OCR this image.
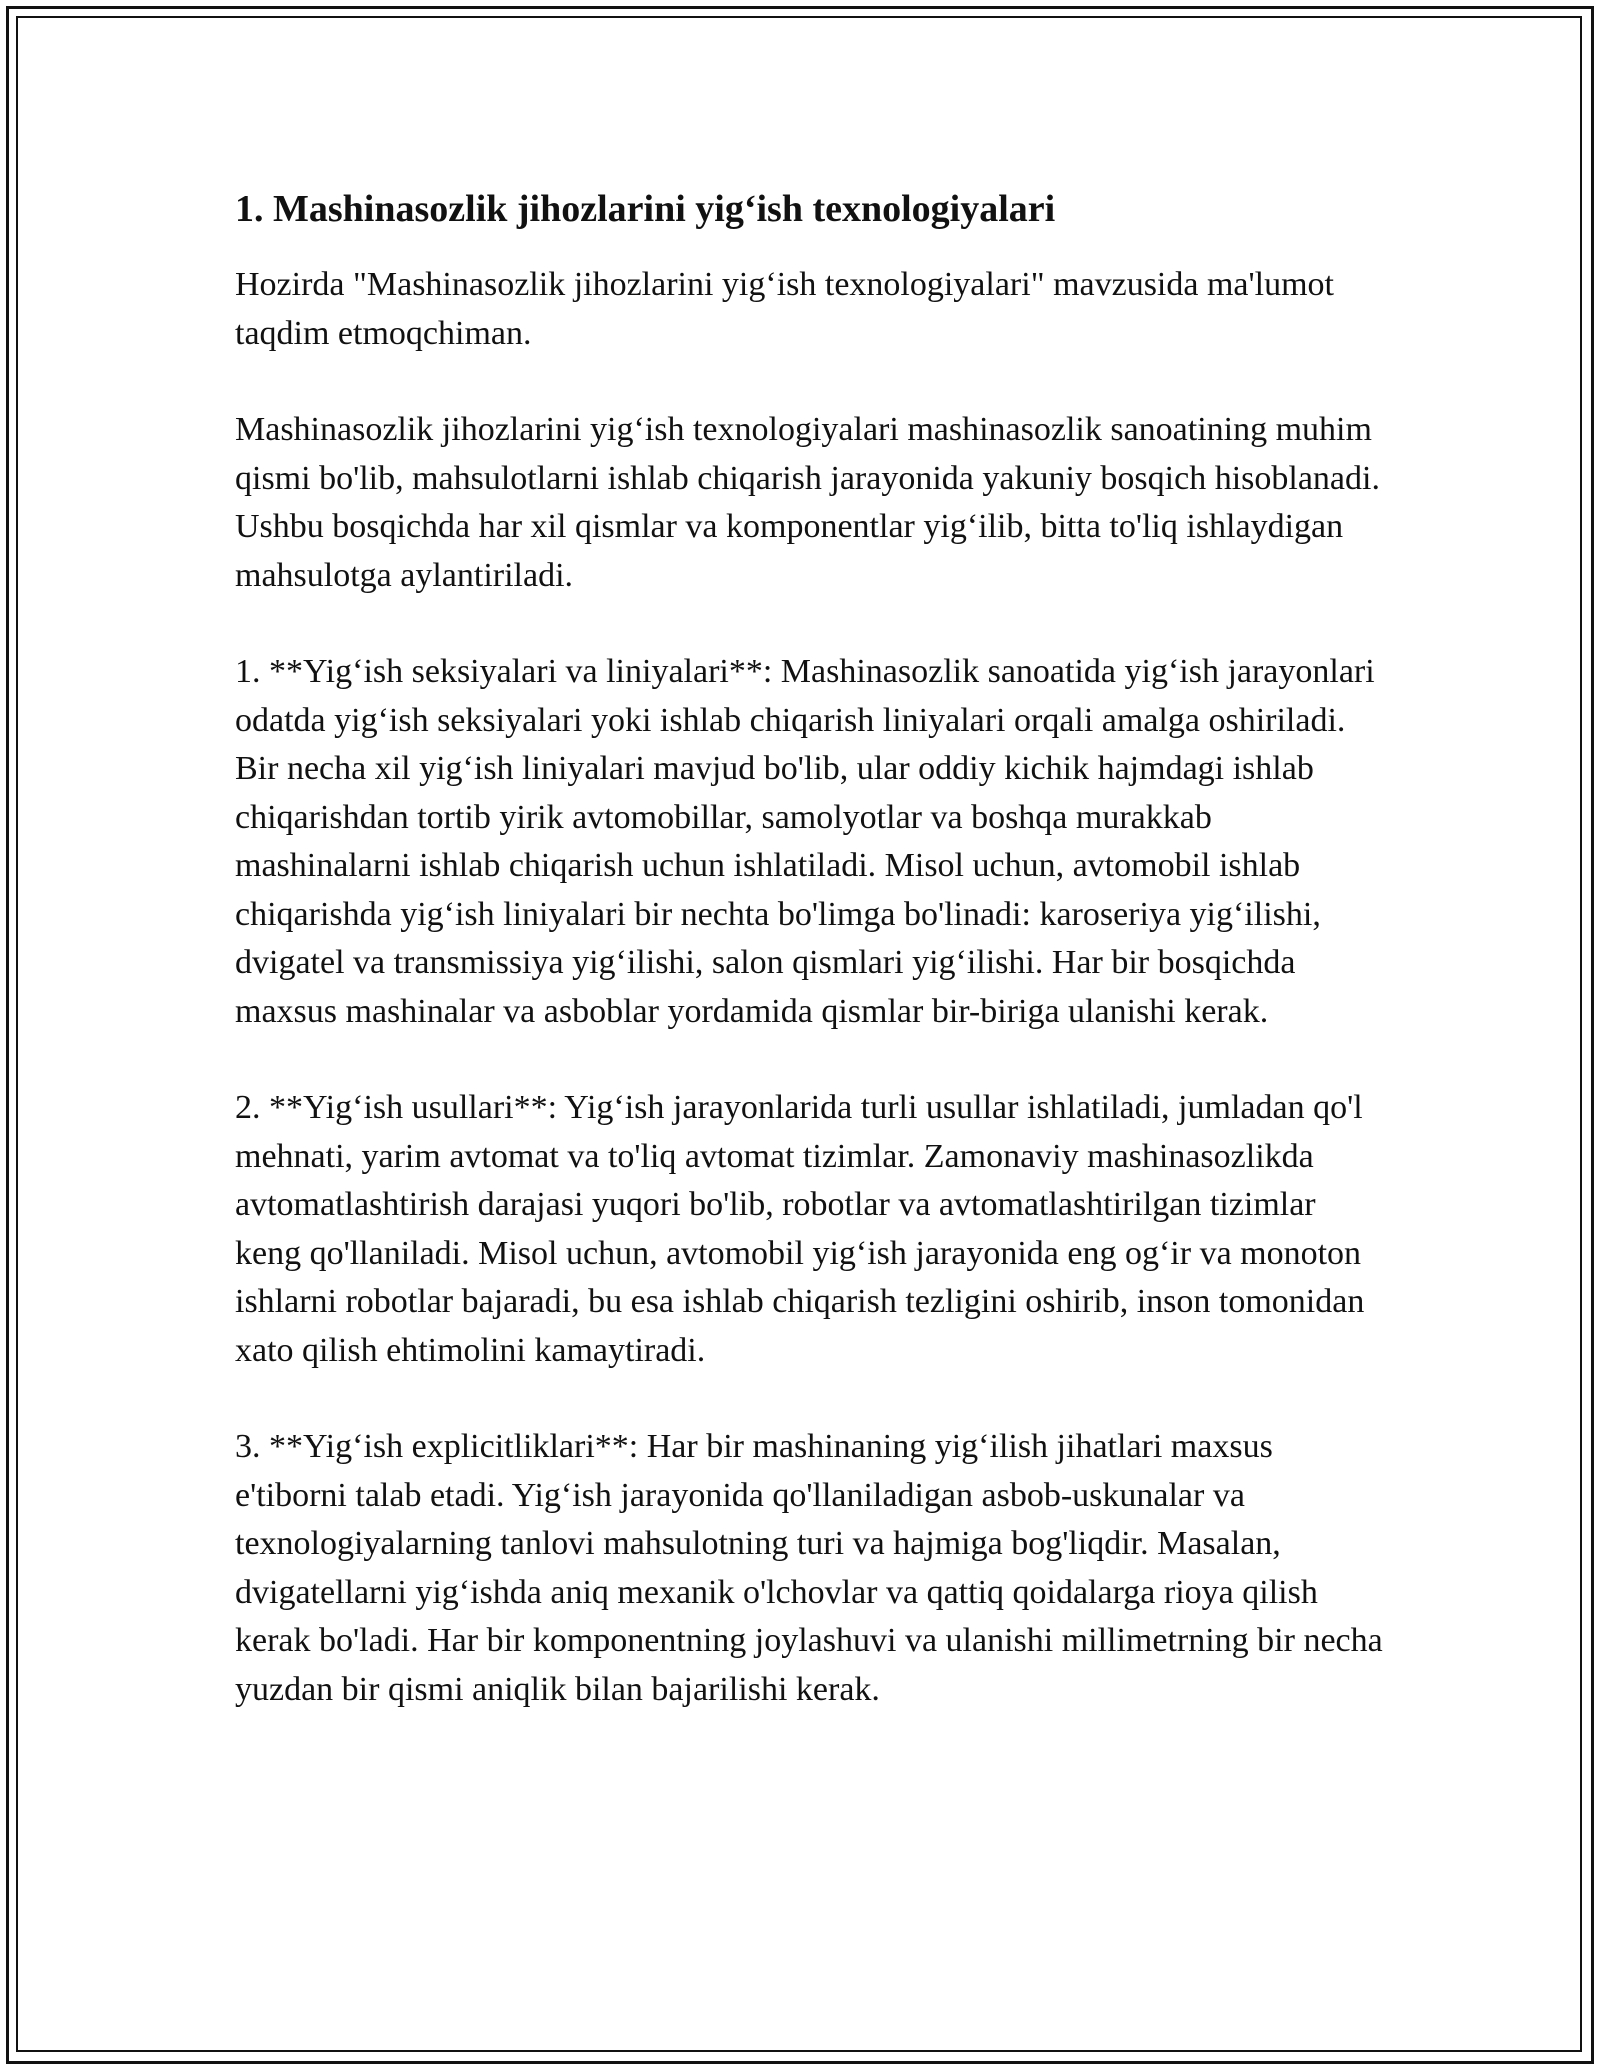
1. Mashinasozlik jihozlarini yig‘ish texnologiyalari

Hozirda "Mashinasozlik jihozlarini yig‘ish texnologiyalari" mavzusida ma'lumot taqdim etmoqchiman.

Mashinasozlik jihozlarini yig‘ish texnologiyalari mashinasozlik sanoatining muhim qismi bo'lib, mahsulotlarni ishlab chiqarish jarayonida yakuniy bosqich hisoblanadi. Ushbu bosqichda har xil qismlar va komponentlar yig‘ilib, bitta to'liq ishlaydigan mahsulotga aylantiriladi.

1. **Yig‘ish seksiyalari va liniyalari**: Mashinasozlik sanoatida yig‘ish jarayonlari odatda yig‘ish seksiyalari yoki ishlab chiqarish liniyalari orqali amalga oshiriladi. Bir necha xil yig‘ish liniyalari mavjud bo'lib, ular oddiy kichik hajmdagi ishlab chiqarishdan tortib yirik avtomobillar, samolyotlar va boshqa murakkab mashinalarni ishlab chiqarish uchun ishlatiladi. Misol uchun, avtomobil ishlab chiqarishda yig‘ish liniyalari bir nechta bo'limga bo'linadi: karoseriya yig‘ilishi, dvigatel va transmissiya yig‘ilishi, salon qismlari yig‘ilishi. Har bir bosqichda maxsus mashinalar va asboblar yordamida qismlar bir-biriga ulanishi kerak.

2. **Yig‘ish usullari**: Yig‘ish jarayonlarida turli usullar ishlatiladi, jumladan qo'l mehnati, yarim avtomat va to'liq avtomat tizimlar. Zamonaviy mashinasozlikda avtomatlashtirish darajasi yuqori bo'lib, robotlar va avtomatlashtirilgan tizimlar keng qo'llaniladi. Misol uchun, avtomobil yig‘ish jarayonida eng og‘ir va monoton ishlarni robotlar bajaradi, bu esa ishlab chiqarish tezligini oshirib, inson tomonidan xato qilish ehtimolini kamaytiradi.

3. **Yig‘ish explicitliklari**: Har bir mashinaning yig‘ilish jihatlari maxsus e'tiborni talab etadi. Yig‘ish jarayonida qo'llaniladigan asbob-uskunalar va texnologiyalarning tanlovi mahsulotning turi va hajmiga bog'liqdir. Masalan, dvigatellarni yig‘ishda aniq mexanik o'lchovlar va qattiq qoidalarga rioya qilish kerak bo'ladi. Har bir komponentning joylashuvi va ulanishi millimetrning bir necha yuzdan bir qismi aniqlik bilan bajarilishi kerak.
